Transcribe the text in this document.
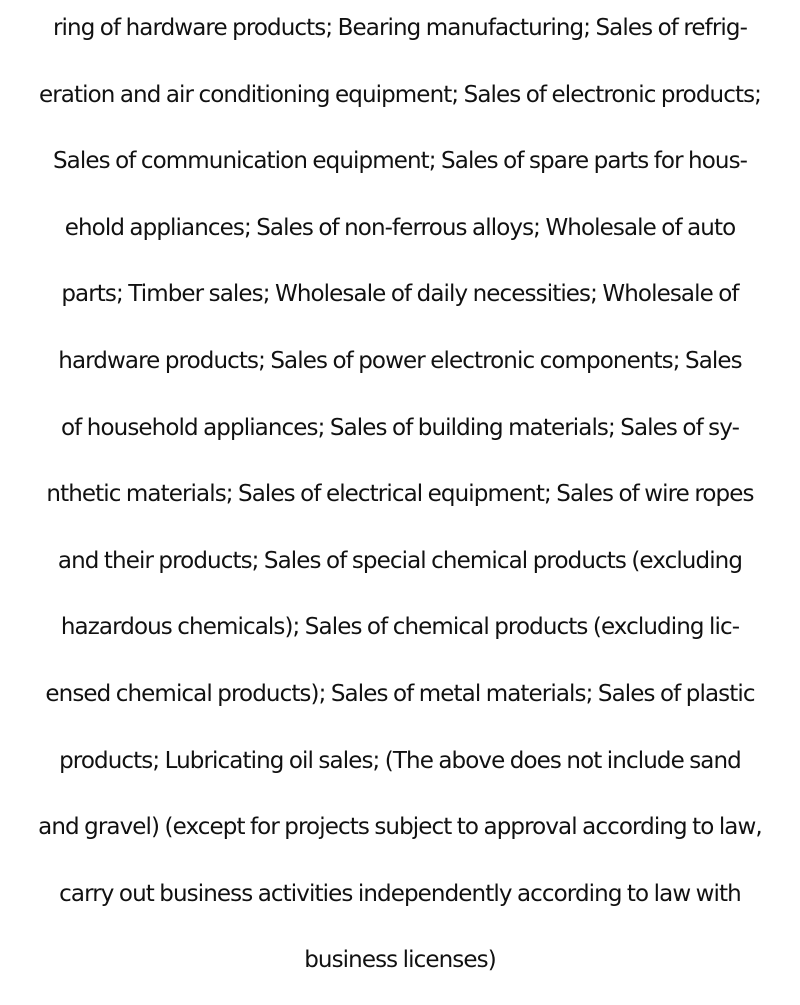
ring of hardware products; Bearing manufacturing; Sales of refrig-
eration and air conditioning equipment; Sales of electronic products;
Sales of communication equipment; Sales of spare parts for hous-
ehold appliances; Sales of non-ferrous alloys; Wholesale of auto
parts; Timber sales; Wholesale of daily necessities; Wholesale of
hardware products; Sales of power electronic components; Sales
of household appliances; Sales of building materials; Sales of sy-
nthetic materials; Sales of electrical equipment; Sales of wire ropes
and their products; Sales of special chemical products (excluding
hazardous chemicals); Sales of chemical products (excluding lic-
ensed chemical products); Sales of metal materials; Sales of plastic
products; Lubricating oil sales; (The above does not include sand
and gravel) (except for projects subject to approval according to law,
carry out business activities independently according to law with
business licenses)
